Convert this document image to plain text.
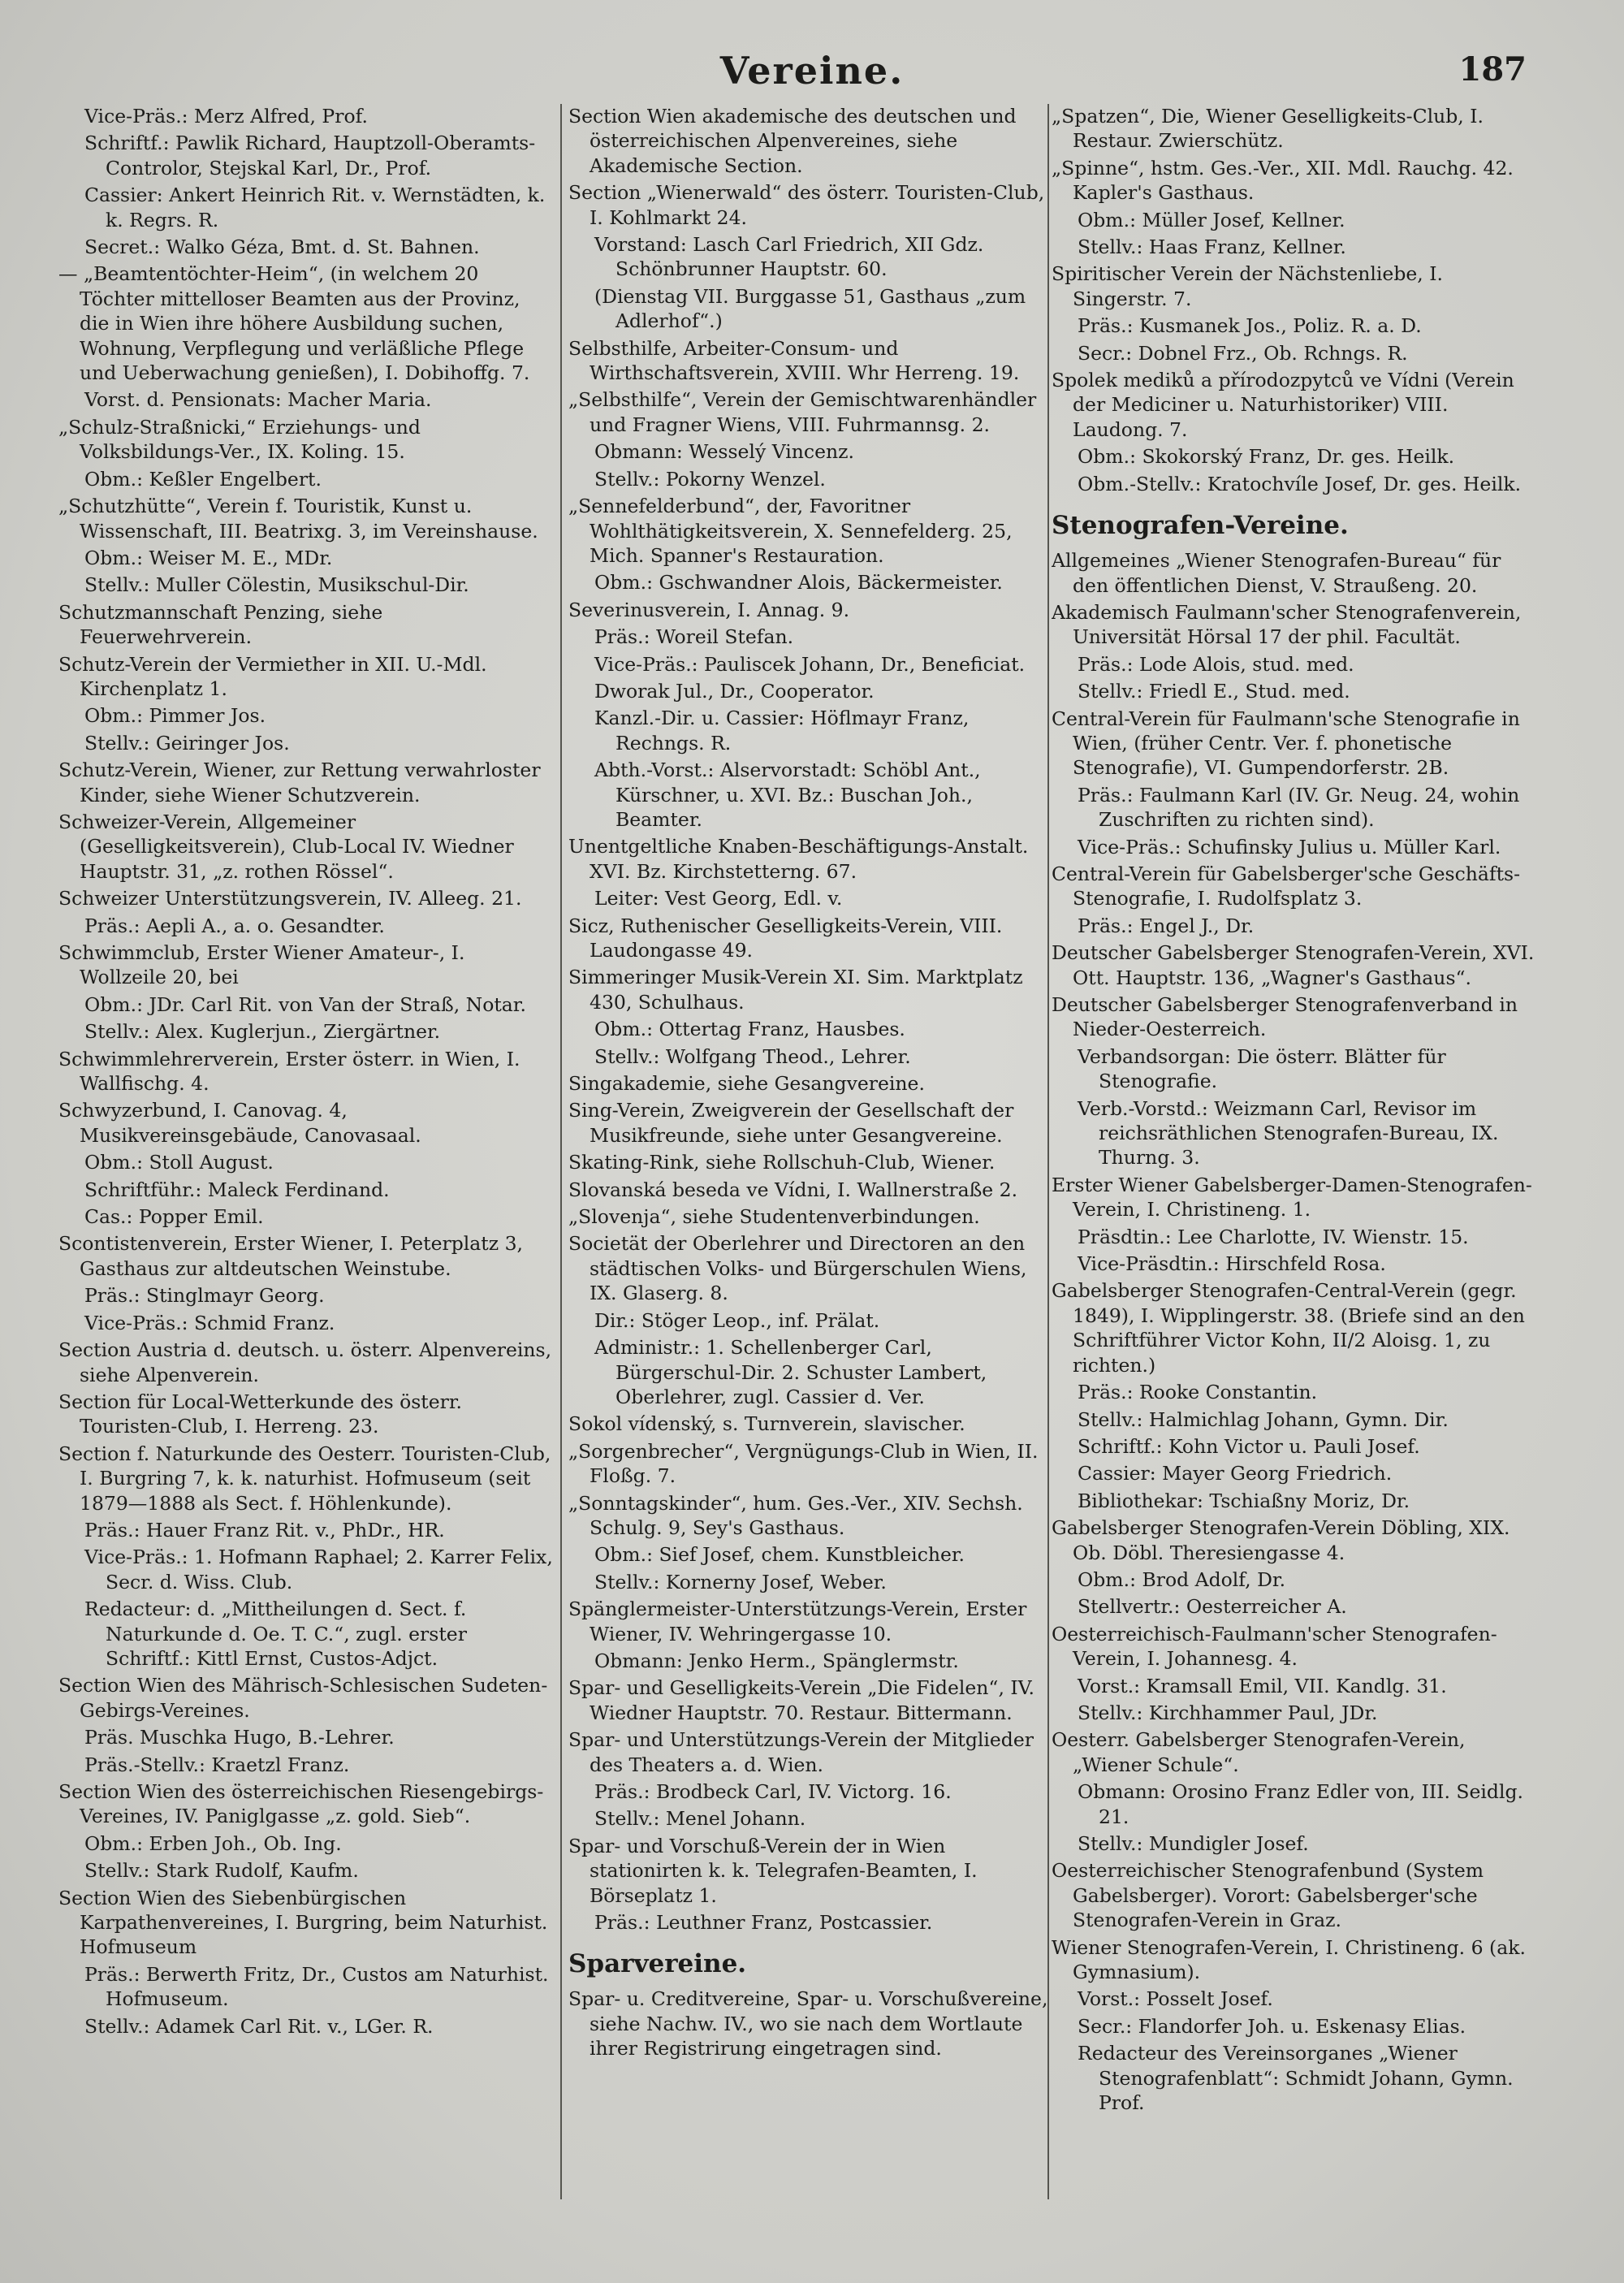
Vereine.	187
Vice-Präs.: Merz Alfred, Prof.
Schriftf.: Pawlik Richard, Hauptzoll-Oberamts-Controlor, Stejskal Karl, Dr., Prof.
Cassier: Ankert Heinrich Rit. v. Wernstädten, k. k. Regrs. R.
Secret.: Walko Géza, Bmt. d. St. Bahnen.
— „Beamtentöchter-Heim“, (in welchem 20 Töchter mittelloser Beamten aus der Provinz, die in Wien ihre höhere Ausbildung suchen, Wohnung, Verpflegung und verläßliche Pflege und Ueberwachung genießen), I. Dobihoffg. 7.
Vorst. d. Pensionats: Macher Maria.
„Schulz-Straßnicki,“ Erziehungs- und Volksbildungs-Ver., IX. Koling. 15.
Obm.: Keßler Engelbert.
„Schutzhütte“, Verein f. Touristik, Kunst u. Wissenschaft, III. Beatrixg. 3, im Vereinshause.
Obm.: Weiser M. E., MDr.
Stellv.: Muller Cölestin, Musikschul-Dir.
Schutzmannschaft Penzing, siehe Feuerwehrverein.
Schutz-Verein der Vermiether in XII. U.-Mdl. Kirchenplatz 1.
Obm.: Pimmer Jos.
Stellv.: Geiringer Jos.
Schutz-Verein, Wiener, zur Rettung verwahrloster Kinder, siehe Wiener Schutzverein.
Schweizer-Verein, Allgemeiner (Geselligkeitsverein), Club-Local IV. Wiedner Hauptstr. 31, „z. rothen Rössel“.
Schweizer Unterstützungsverein, IV. Alleeg. 21.
Präs.: Aepli A., a. o. Gesandter.
Schwimmclub, Erster Wiener Amateur-, I. Wollzeile 20, bei
Obm.: JDr. Carl Rit. von Van der Straß, Notar.
Stellv.: Alex. Kuglerjun., Ziergärtner.
Schwimmlehrerverein, Erster österr. in Wien, I. Wallfischg. 4.
Schwyzerbund, I. Canovag. 4, Musikvereinsgebäude, Canovasaal.
Obm.: Stoll August.
Schriftführ.: Maleck Ferdinand.
Cas.: Popper Emil.
Scontistenverein, Erster Wiener, I. Peterplatz 3, Gasthaus zur altdeutschen Weinstube.
Präs.: Stinglmayr Georg.
Vice-Präs.: Schmid Franz.
Section Austria d. deutsch. u. österr. Alpenvereins, siehe Alpenverein.
Section für Local-Wetterkunde des österr. Touristen-Club, I. Herreng. 23.
Section f. Naturkunde des Oesterr. Touristen-Club, I. Burgring 7, k. k. naturhist. Hofmuseum (seit 1879—1888 als Sect. f. Höhlenkunde).
Präs.: Hauer Franz Rit. v., PhDr., HR.
Vice-Präs.: 1. Hofmann Raphael; 2. Karrer Felix, Secr. d. Wiss. Club.
Redacteur: d. „Mittheilungen d. Sect. f. Naturkunde d. Oe. T. C.“, zugl. erster Schriftf.: Kittl Ernst, Custos-Adjct.
Section Wien des Mährisch-Schlesischen Sudeten-Gebirgs-Vereines.
Präs. Muschka Hugo, B.-Lehrer.
Präs.-Stellv.: Kraetzl Franz.
Section Wien des österreichischen Riesengebirgs-Vereines, IV. Paniglgasse „z. gold. Sieb“.
Obm.: Erben Joh., Ob. Ing.
Stellv.: Stark Rudolf, Kaufm.
Section Wien des Siebenbürgischen Karpathenvereines, I. Burgring, beim Naturhist. Hofmuseum
Präs.: Berwerth Fritz, Dr., Custos am Naturhist. Hofmuseum.
Stellv.: Adamek Carl Rit. v., LGer. R.
Section Wien akademische des deutschen und österreichischen Alpenvereines, siehe Akademische Section.
Section „Wienerwald“ des österr. Touristen-Club, I. Kohlmarkt 24.
Vorstand: Lasch Carl Friedrich, XII Gdz. Schönbrunner Hauptstr. 60.
(Dienstag VII. Burggasse 51, Gasthaus „zum Adlerhof“.)
Selbsthilfe, Arbeiter-Consum- und Wirthschaftsverein, XVIII. Whr Herreng. 19.
„Selbsthilfe“, Verein der Gemischtwarenhändler und Fragner Wiens, VIII. Fuhrmannsg. 2.
Obmann: Wesselý Vincenz.
Stellv.: Pokorny Wenzel.
„Sennefelderbund“, der, Favoritner Wohlthätigkeitsverein, X. Sennefelderg. 25, Mich. Spanner's Restauration.
Obm.: Gschwandner Alois, Bäckermeister.
Severinusverein, I. Annag. 9.
Präs.: Woreil Stefan.
Vice-Präs.: Pauliscek Johann, Dr., Beneficiat.
Dworak Jul., Dr., Cooperator.
Kanzl.-Dir. u. Cassier: Höflmayr Franz, Rechngs. R.
Abth.-Vorst.: Alservorstadt: Schöbl Ant., Kürschner, u. XVI. Bz.: Buschan Joh., Beamter.
Unentgeltliche Knaben-Beschäftigungs-Anstalt. XVI. Bz. Kirchstetterng. 67.
Leiter: Vest Georg, Edl. v.
Sicz, Ruthenischer Geselligkeits-Verein, VIII. Laudongasse 49.
Simmeringer Musik-Verein XI. Sim. Marktplatz 430, Schulhaus.
Obm.: Ottertag Franz, Hausbes.
Stellv.: Wolfgang Theod., Lehrer.
Singakademie, siehe Gesangvereine.
Sing-Verein, Zweigverein der Gesellschaft der Musikfreunde, siehe unter Gesangvereine.
Skating-Rink, siehe Rollschuh-Club, Wiener.
Slovanská beseda ve Vídni, I. Wallnerstraße 2.
„Slovenja“, siehe Studentenverbindungen.
Societät der Oberlehrer und Directoren an den städtischen Volks- und Bürgerschulen Wiens, IX. Glaserg. 8.
Dir.: Stöger Leop., inf. Prälat.
Administr.: 1. Schellenberger Carl, Bürgerschul-Dir. 2. Schuster Lambert, Oberlehrer, zugl. Cassier d. Ver.
Sokol vídenský, s. Turnverein, slavischer.
„Sorgenbrecher“, Vergnügungs-Club in Wien, II. Floßg. 7.
„Sonntagskinder“, hum. Ges.-Ver., XIV. Sechsh. Schulg. 9, Sey's Gasthaus.
Obm.: Sief Josef, chem. Kunstbleicher.
Stellv.: Kornerny Josef, Weber.
Spänglermeister-Unterstützungs-Verein, Erster Wiener, IV. Wehringergasse 10.
Obmann: Jenko Herm., Spänglermstr.
Spar- und Geselligkeits-Verein „Die Fidelen“, IV. Wiedner Hauptstr. 70. Restaur. Bittermann.
Spar- und Unterstützungs-Verein der Mitglieder des Theaters a. d. Wien.
Präs.: Brodbeck Carl, IV. Victorg. 16.
Stellv.: Menel Johann.
Spar- und Vorschuß-Verein der in Wien stationirten k. k. Telegrafen-Beamten, I. Börseplatz 1.
Präs.: Leuthner Franz, Postcassier.
Sparvereine.
Spar- u. Creditvereine, Spar- u. Vorschußvereine, siehe Nachw. IV., wo sie nach dem Wortlaute ihrer Registrirung eingetragen sind.
„Spatzen“, Die, Wiener Geselligkeits-Club, I. Restaur. Zwierschütz.
„Spinne“, hstm. Ges.-Ver., XII. Mdl. Rauchg. 42. Kapler's Gasthaus.
Obm.: Müller Josef, Kellner.
Stellv.: Haas Franz, Kellner.
Spiritischer Verein der Nächstenliebe, I. Singerstr. 7.
Präs.: Kusmanek Jos., Poliz. R. a. D.
Secr.: Dobnel Frz., Ob. Rchngs. R.
Spolek mediků a přírodozpytců ve Vídni (Verein der Mediciner u. Naturhistoriker) VIII. Laudong. 7.
Obm.: Skokorský Franz, Dr. ges. Heilk.
Obm.-Stellv.: Kratochvíle Josef, Dr. ges. Heilk.
Stenografen-Vereine.
Allgemeines „Wiener Stenografen-Bureau“ für den öffentlichen Dienst, V. Straußeng. 20.
Akademisch Faulmann'scher Stenografenverein, Universität Hörsal 17 der phil. Facultät.
Präs.: Lode Alois, stud. med.
Stellv.: Friedl E., Stud. med.
Central-Verein für Faulmann'sche Stenografie in Wien, (früher Centr. Ver. f. phonetische Stenografie), VI. Gumpendorferstr. 2B.
Präs.: Faulmann Karl (IV. Gr. Neug. 24, wohin Zuschriften zu richten sind).
Vice-Präs.: Schufinsky Julius u. Müller Karl.
Central-Verein für Gabelsberger'sche Geschäfts-Stenografie, I. Rudolfsplatz 3.
Präs.: Engel J., Dr.
Deutscher Gabelsberger Stenografen-Verein, XVI. Ott. Hauptstr. 136, „Wagner's Gasthaus“.
Deutscher Gabelsberger Stenografenverband in Nieder-Oesterreich.
Verbandsorgan: Die österr. Blätter für Stenografie.
Verb.-Vorstd.: Weizmann Carl, Revisor im reichsräthlichen Stenografen-Bureau, IX. Thurng. 3.
Erster Wiener Gabelsberger-Damen-Stenografen-Verein, I. Christineng. 1.
Präsdtin.: Lee Charlotte, IV. Wienstr. 15.
Vice-Präsdtin.: Hirschfeld Rosa.
Gabelsberger Stenografen-Central-Verein (gegr. 1849), I. Wipplingerstr. 38. (Briefe sind an den Schriftführer Victor Kohn, II/2 Aloisg. 1, zu richten.)
Präs.: Rooke Constantin.
Stellv.: Halmichlag Johann, Gymn. Dir.
Schriftf.: Kohn Victor u. Pauli Josef.
Cassier: Mayer Georg Friedrich.
Bibliothekar: Tschiaßny Moriz, Dr.
Gabelsberger Stenografen-Verein Döbling, XIX. Ob. Döbl. Theresiengasse 4.
Obm.: Brod Adolf, Dr.
Stellvertr.: Oesterreicher A.
Oesterreichisch-Faulmann'scher Stenografen-Verein, I. Johannesg. 4.
Vorst.: Kramsall Emil, VII. Kandlg. 31.
Stellv.: Kirchhammer Paul, JDr.
Oesterr. Gabelsberger Stenografen-Verein, „Wiener Schule“.
Obmann: Orosino Franz Edler von, III. Seidlg. 21.
Stellv.: Mundigler Josef.
Oesterreichischer Stenografenbund (System Gabelsberger). Vorort: Gabelsberger'sche Stenografen-Verein in Graz.
Wiener Stenografen-Verein, I. Christineng. 6 (ak. Gymnasium).
Vorst.: Posselt Josef.
Secr.: Flandorfer Joh. u. Eskenasy Elias.
Redacteur des Vereinsorganes „Wiener Stenografenblatt“: Schmidt Johann, Gymn. Prof.
